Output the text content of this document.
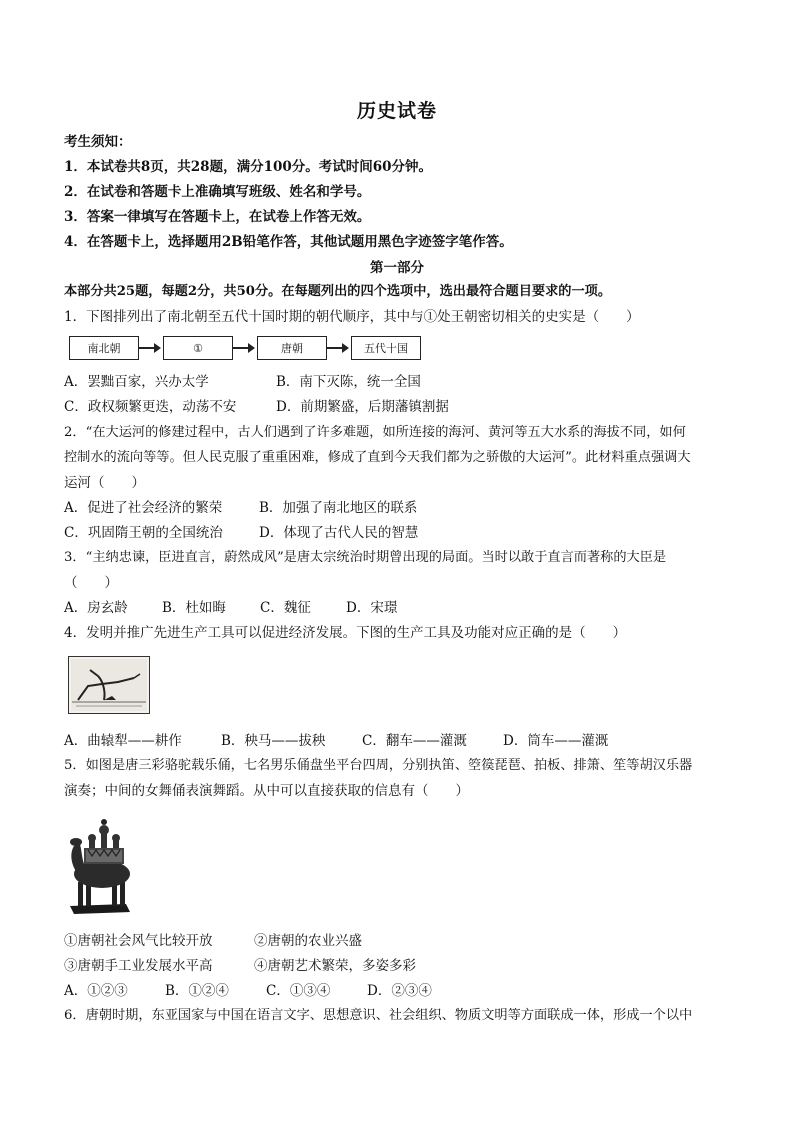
历史试卷
考生须知：
1．本试卷共8页，共28题，满分100分。考试时间60分钟。
2．在试卷和答题卡上准确填写班级、姓名和学号。
3．答案一律填写在答题卡上，在试卷上作答无效。
4．在答题卡上，选择题用2B铅笔作答，其他试题用黑色字迹签字笔作答。
第一部分
本部分共25题，每题2分，共50分。在每题列出的四个选项中，选出最符合题目要求的一项。
1．下图排列出了南北朝至五代十国时期的朝代顺序，其中与①处王朝密切相关的史实是（　　）
南北朝	①	唐朝	五代十国
A．罢黜百家，兴办太学	B．南下灭陈，统一全国
C．政权频繁更迭，动荡不安	D．前期繁盛，后期藩镇割据
2．“在大运河的修建过程中，古人们遇到了许多难题，如所连接的海河、黄河等五大水系的海拔不同，如何
控制水的流向等等。但人民克服了重重困难，修成了直到今天我们都为之骄傲的大运河”。此材料重点强调大
运河（　　）
A．促进了社会经济的繁荣	B．加强了南北地区的联系
C．巩固隋王朝的全国统治	D．体现了古代人民的智慧
3．“主纳忠谏，臣进直言，蔚然成风”是唐太宗统治时期曾出现的局面。当时以敢于直言而著称的大臣是
（　　）
A．房玄龄	B．杜如晦	C．魏征	D．宋璟
4．发明并推广先进生产工具可以促进经济发展。下图的生产工具及功能对应正确的是（　　）
A．曲辕犁——耕作	B．秧马——拔秧	C．翻车——灌溉	D．筒车——灌溉
5．如图是唐三彩骆驼载乐俑，七名男乐俑盘坐平台四周，分别执笛、箜篌琵琶、拍板、排箫、笙等胡汉乐器
演奏；中间的女舞俑表演舞蹈。从中可以直接获取的信息有（　　）
①唐朝社会风气比较开放	②唐朝的农业兴盛
③唐朝手工业发展水平高	④唐朝艺术繁荣，多姿多彩
A．①②③	B．①②④	C．①③④	D．②③④
6．唐朝时期，东亚国家与中国在语言文字、思想意识、社会组织、物质文明等方面联成一体，形成一个以中
